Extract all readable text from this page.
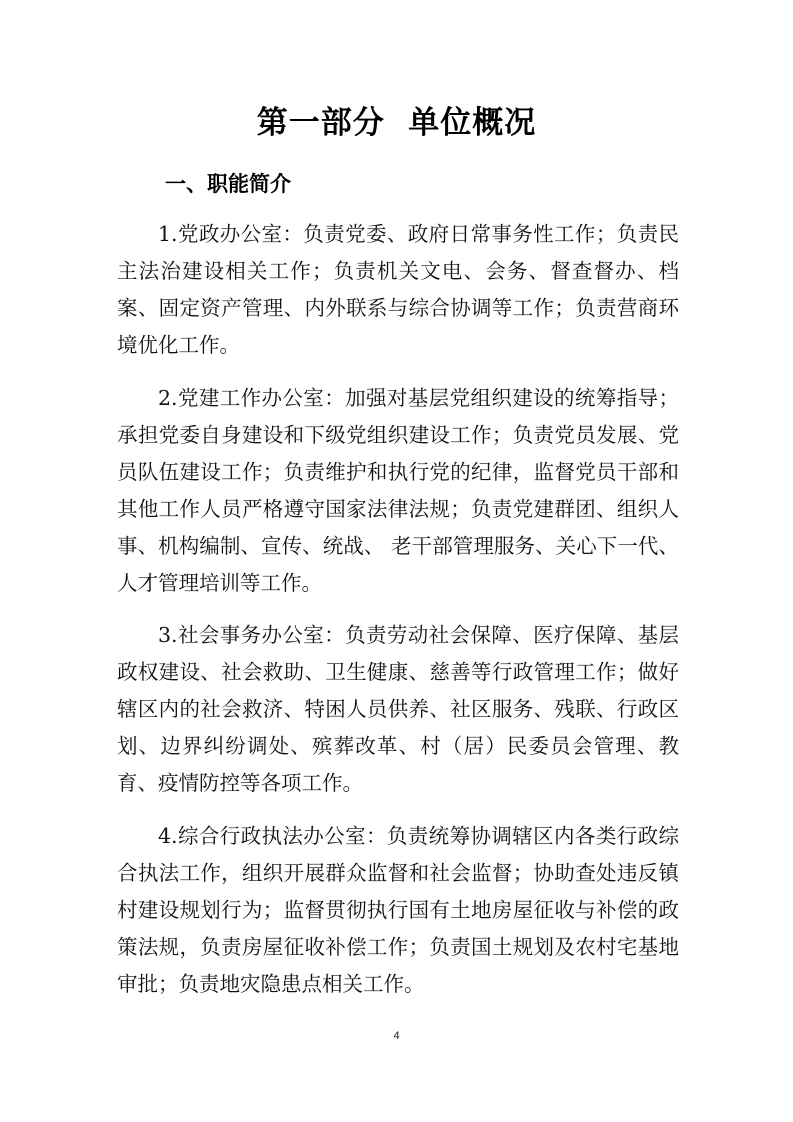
第一部分  单位概况
一、职能简介

1.党政办公室：负责党委、政府日常事务性工作；负责民主法治建设相关工作；负责机关文电、会务、督查督办、档案、固定资产管理、内外联系与综合协调等工作；负责营商环境优化工作。

2.党建工作办公室：加强对基层党组织建设的统筹指导；承担党委自身建设和下级党组织建设工作；负责党员发展、党员队伍建设工作；负责维护和执行党的纪律，监督党员干部和其他工作人员严格遵守国家法律法规；负责党建群团、组织人事、机构编制、宣传、统战、 老干部管理服务、关心下一代、人才管理培训等工作。

3.社会事务办公室：负责劳动社会保障、医疗保障、基层政权建设、社会救助、卫生健康、慈善等行政管理工作；做好辖区内的社会救济、特困人员供养、社区服务、残联、行政区划、边界纠纷调处、殡葬改革、村（居）民委员会管理、教育、疫情防控等各项工作。

4.综合行政执法办公室：负责统筹协调辖区内各类行政综合执法工作，组织开展群众监督和社会监督；协助查处违反镇村建设规划行为；监督贯彻执行国有土地房屋征收与补偿的政策法规，负责房屋征收补偿工作；负责国土规划及农村宅基地审批；负责地灾隐患点相关工作。

4
